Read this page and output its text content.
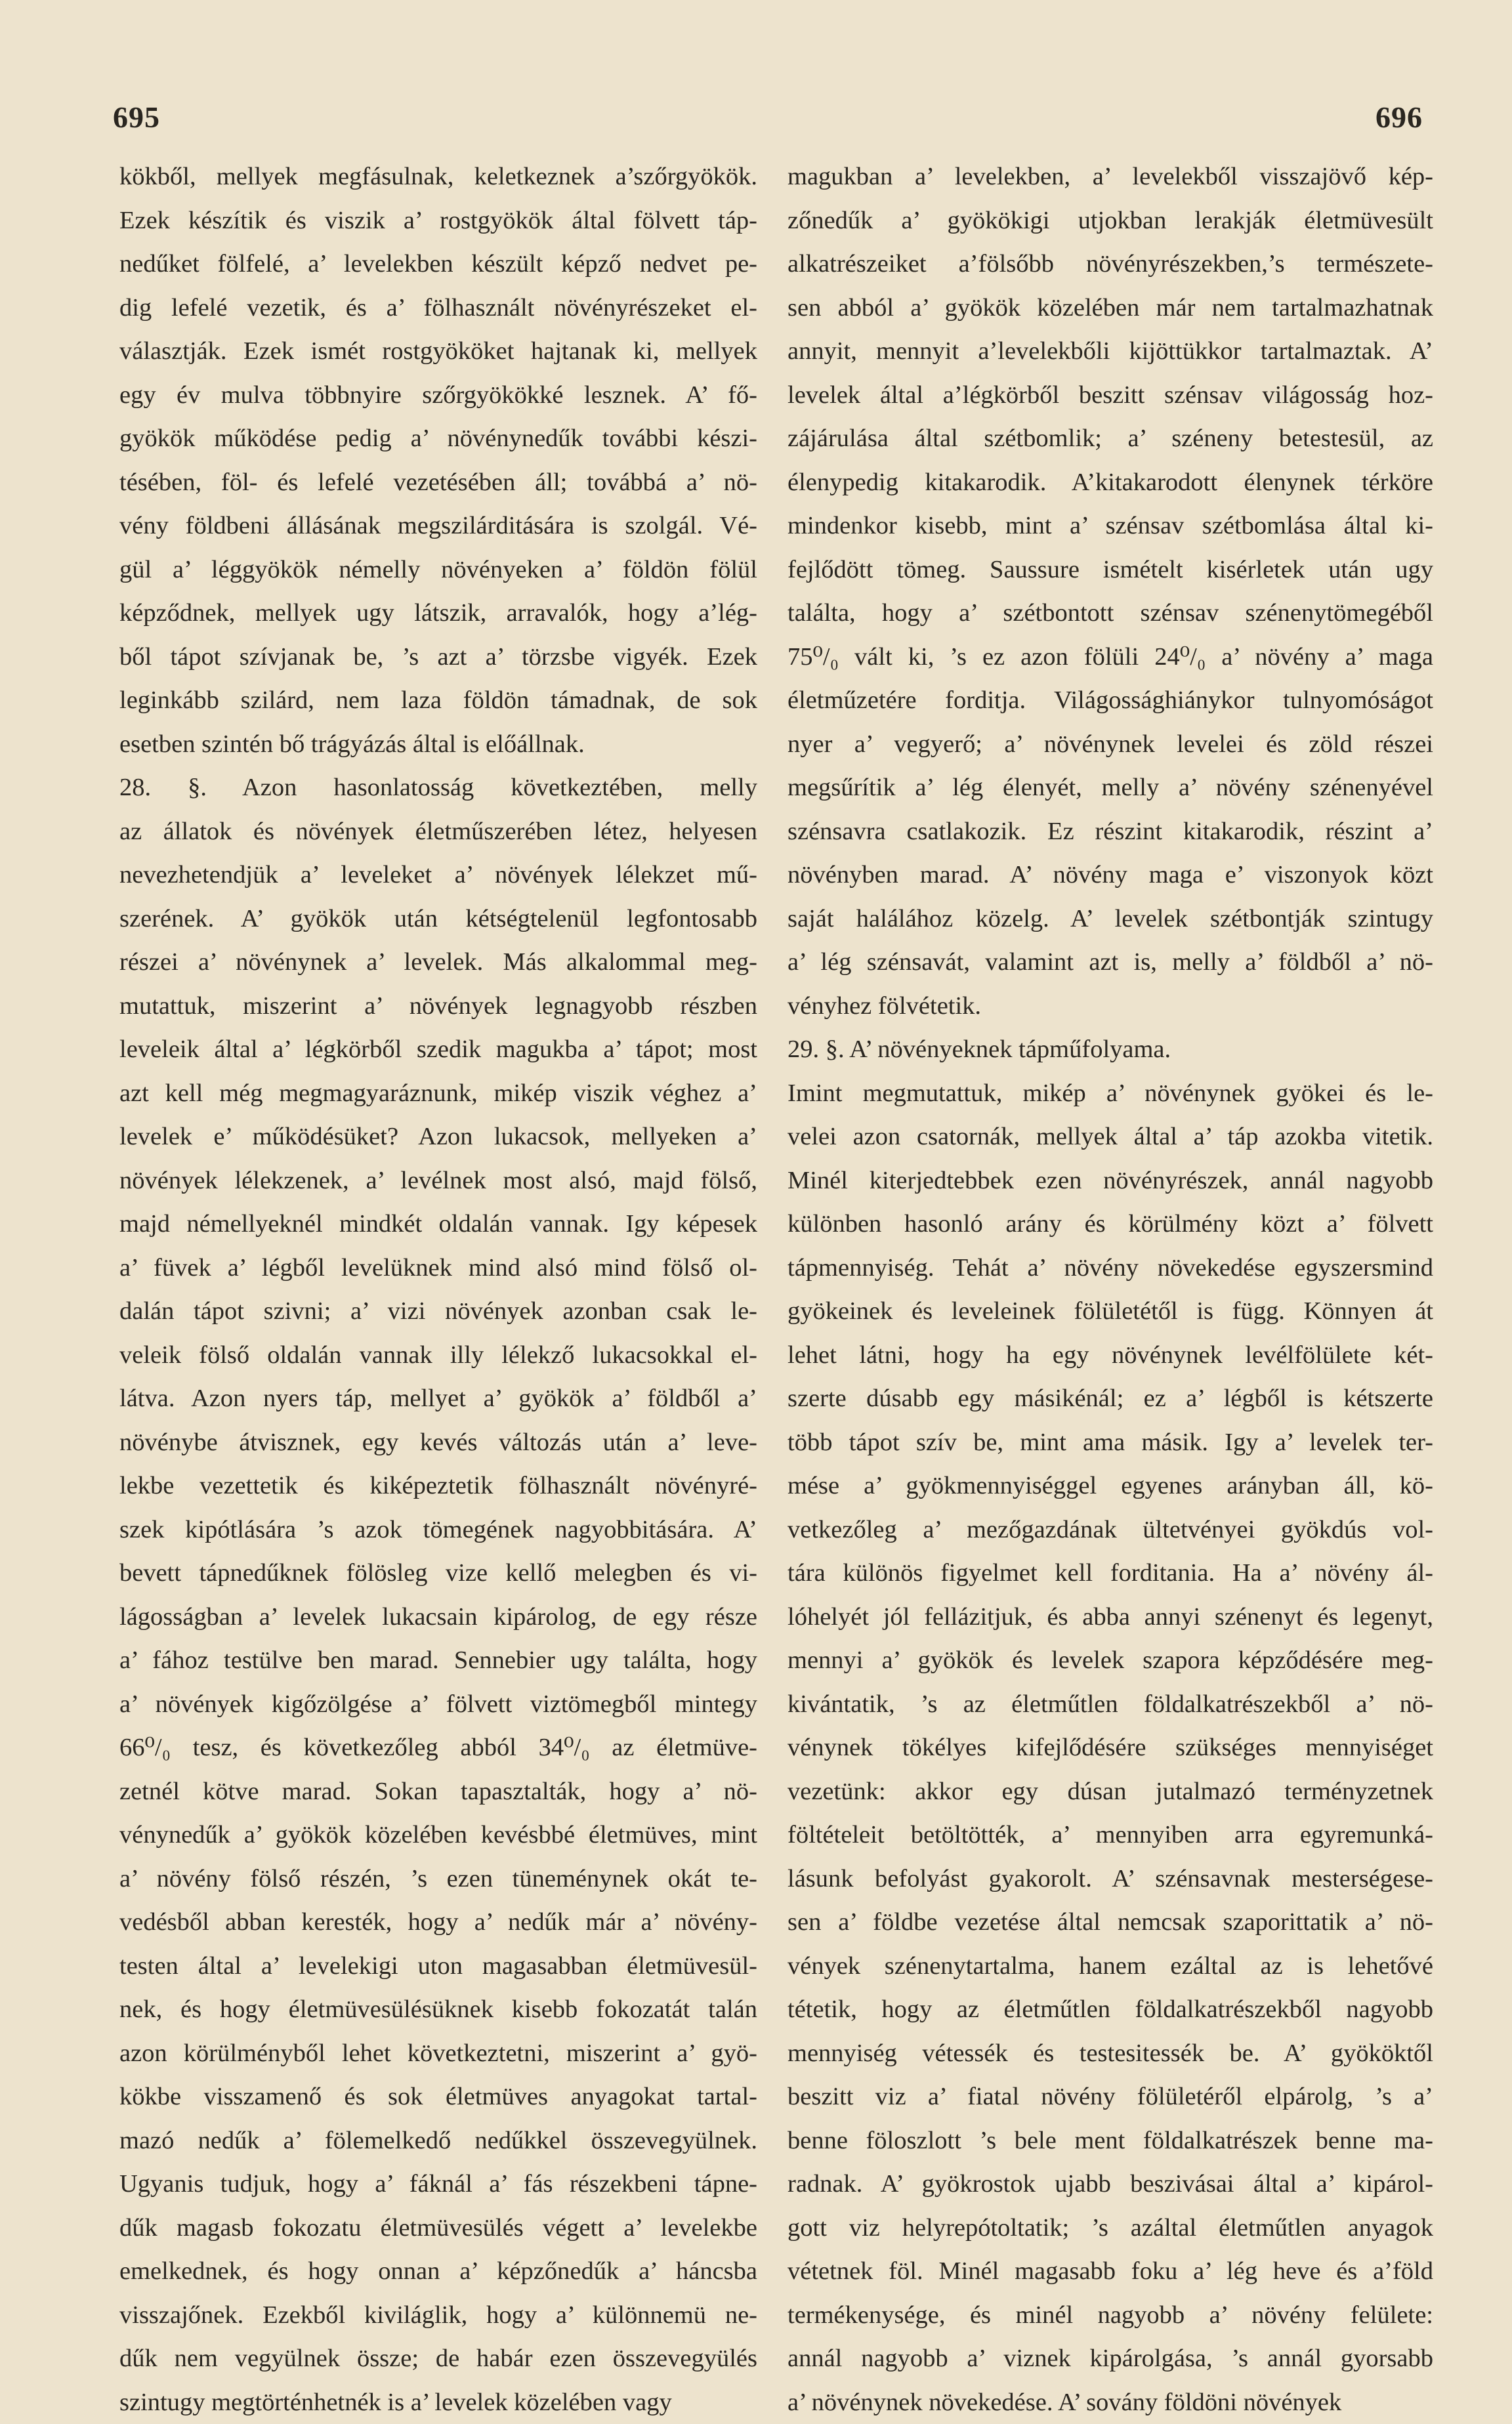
695	696
kökből, mellyek megfásulnak, keletkeznek a’szőrgyökök.
Ezek készítik és viszik a’ rostgyökök által fölvett táp-
nedűket fölfelé, a’ levelekben készült képző nedvet pe-
dig lefelé vezetik, és a’ fölhasznált növényrészeket el-
választják. Ezek ismét rostgyököket hajtanak ki, mellyek
egy év mulva többnyire szőrgyökökké lesznek. A’ fő-
gyökök működése pedig a’ növénynedűk további készi-
tésében, föl- és lefelé vezetésében áll; továbbá a’ nö-
vény földbeni állásának megszilárditására is szolgál. Vé-
gül a’ léggyökök némelly növényeken a’ földön fölül
képződnek, mellyek ugy látszik, arravalók, hogy a’lég-
ből tápot szívjanak be, ’s azt a’ törzsbe vigyék. Ezek
leginkább szilárd, nem laza földön támadnak, de sok
esetben szintén bő trágyázás által is előállnak.
28. §. Azon hasonlatosság következtében, melly
az állatok és növények életműszerében létez, helyesen
nevezhetendjük a’ leveleket a’ növények lélekzet mű-
szerének. A’ gyökök után kétségtelenül legfontosabb
részei a’ növénynek a’ levelek. Más alkalommal meg-
mutattuk, miszerint a’ növények legnagyobb részben
leveleik által a’ légkörből szedik magukba a’ tápot; most
azt kell még megmagyaráznunk, mikép viszik véghez a’
levelek e’ működésüket? Azon lukacsok, mellyeken a’
növények lélekzenek, a’ levélnek most alsó, majd fölső,
majd némellyeknél mindkét oldalán vannak. Igy képesek
a’ füvek a’ légből levelüknek mind alsó mind fölső ol-
dalán tápot szivni; a’ vizi növények azonban csak le-
veleik fölső oldalán vannak illy lélekző lukacsokkal el-
látva. Azon nyers táp, mellyet a’ gyökök a’ földből a’
növénybe átvisznek, egy kevés változás után a’ leve-
lekbe vezettetik és kiképeztetik fölhasznált növényré-
szek kipótlására ’s azok tömegének nagyobbitására. A’
bevett tápnedűknek fölösleg vize kellő melegben és vi-
lágosságban a’ levelek lukacsain kipárolog, de egy része
a’ fához testülve ben marad. Sennebier ugy találta, hogy
a’ növények kigőzölgése a’ fölvett viztömegből mintegy
66⁰/₀ tesz, és következőleg abból 34⁰/₀ az életmüve-
zetnél kötve marad. Sokan tapasztalták, hogy a’ nö-
vénynedűk a’ gyökök közelében kevésbbé életmüves, mint
a’ növény fölső részén, ’s ezen tüneménynek okát te-
vedésből abban keresték, hogy a’ nedűk már a’ növény-
testen által a’ levelekigi uton magasabban életmüvesül-
nek, és hogy életmüvesülésüknek kisebb fokozatát talán
azon körülményből lehet következtetni, miszerint a’ gyö-
kökbe visszamenő és sok életmüves anyagokat tartal-
mazó nedűk a’ fölemelkedő nedűkkel összevegyülnek.
Ugyanis tudjuk, hogy a’ fáknál a’ fás részekbeni tápne-
dűk magasb fokozatu életmüvesülés végett a’ levelekbe
emelkednek, és hogy onnan a’ képzőnedűk a’ háncsba
visszajőnek. Ezekből kiviláglik, hogy a’ különnemü ne-
dűk nem vegyülnek össze; de habár ezen összevegyülés
szintugy megtörténhetnék is a’ levelek közelében vagy
magukban a’ levelekben, a’ levelekből visszajövő kép-
zőnedűk a’ gyökökigi utjokban lerakják életmüvesült
alkatrészeiket a’fölsőbb növényrészekben,’s természete-
sen abból a’ gyökök közelében már nem tartalmazhatnak
annyit, mennyit a’levelekbőli kijöttükkor tartalmaztak. A’
levelek által a’légkörből beszitt szénsav világosság hoz-
zájárulása által szétbomlik; a’ széneny betestesül, az
élenypedig kitakarodik. A’kitakarodott élenynek térköre
mindenkor kisebb, mint a’ szénsav szétbomlása által ki-
fejlődött tömeg. Saussure ismételt kisérletek után ugy
találta, hogy a’ szétbontott szénsav szénenytömegéből
75⁰/₀ vált ki, ’s ez azon fölüli 24⁰/₀ a’ növény a’ maga
életműzetére forditja. Világossághiánykor tulnyomóságot
nyer a’ vegyerő; a’ növénynek levelei és zöld részei
megsűrítik a’ lég élenyét, melly a’ növény szénenyével
szénsavra csatlakozik. Ez részint kitakarodik, részint a’
növényben marad. A’ növény maga e’ viszonyok közt
saját halálához közelg. A’ levelek szétbontják szintugy
a’ lég szénsavát, valamint azt is, melly a’ földből a’ nö-
vényhez fölvétetik.
29. §. A’ növényeknek tápműfolyama.
Imint megmutattuk, mikép a’ növénynek gyökei és le-
velei azon csatornák, mellyek által a’ táp azokba vitetik.
Minél kiterjedtebbek ezen növényrészek, annál nagyobb
különben hasonló arány és körülmény közt a’ fölvett
tápmennyiség. Tehát a’ növény növekedése egyszersmind
gyökeinek és leveleinek fölületétől is függ. Könnyen át
lehet látni, hogy ha egy növénynek levélfölülete két-
szerte dúsabb egy másikénál; ez a’ légből is kétszerte
több tápot szív be, mint ama másik. Igy a’ levelek ter-
mése a’ gyökmennyiséggel egyenes arányban áll, kö-
vetkezőleg a’ mezőgazdának ültetvényei gyökdús vol-
tára különös figyelmet kell forditania. Ha a’ növény ál-
lóhelyét jól fellázitjuk, és abba annyi szénenyt és legenyt,
mennyi a’ gyökök és levelek szapora képződésére meg-
kivántatik, ’s az életműtlen földalkatrészekből a’ nö-
vénynek tökélyes kifejlődésére szükséges mennyiséget
vezetünk: akkor egy dúsan jutalmazó terményzetnek
föltételeit betöltötték, a’ mennyiben arra egyremunká-
lásunk befolyást gyakorolt. A’ szénsavnak mesterségese-
sen a’ földbe vezetése által nemcsak szaporittatik a’ nö-
vények szénenytartalma, hanem ezáltal az is lehetővé
tétetik, hogy az életműtlen földalkatrészekből nagyobb
mennyiség vétessék és testesitessék be. A’ gyököktől
beszitt viz a’ fiatal növény fölületéről elpárolg, ’s a’
benne föloszlott ’s bele ment földalkatrészek benne ma-
radnak. A’ gyökrostok ujabb beszivásai által a’ kipárol-
gott viz helyrepótoltatik; ’s azáltal életműtlen anyagok
vétetnek föl. Minél magasabb foku a’ lég heve és a’föld
termékenysége, és minél nagyobb a’ növény felülete:
annál nagyobb a’ viznek kipárolgása, ’s annál gyorsabb
a’ növénynek növekedése. A’ sovány földöni növények
